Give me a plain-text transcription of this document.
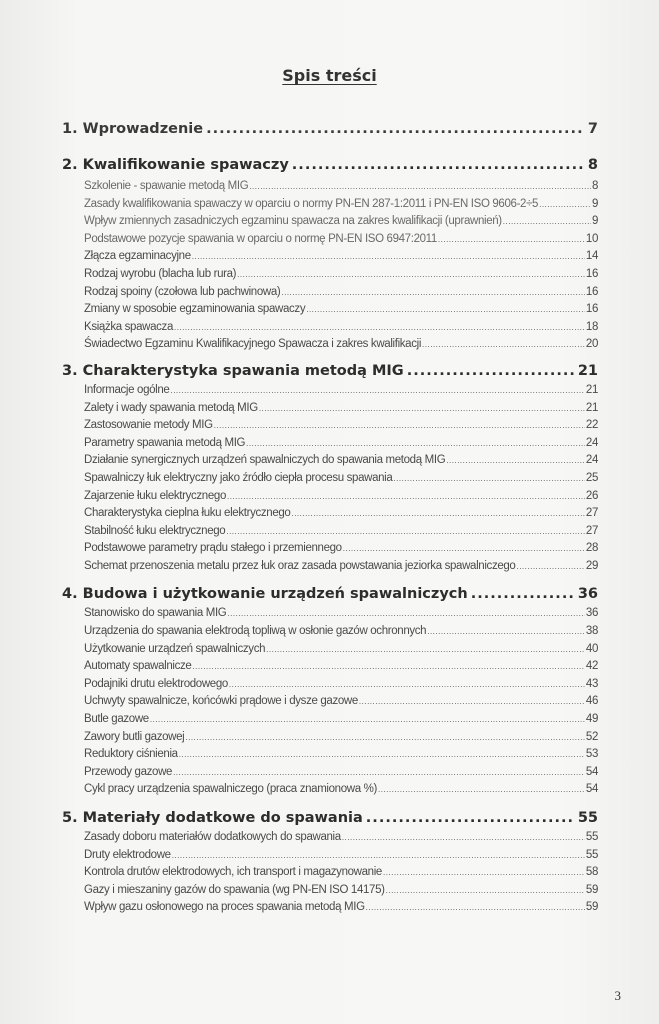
Spis treści
1. Wprowadzenie .....	7
2. Kwalifikowanie spawaczy .....	8
Szkolenie - spawanie metodą MIG .....	8
Zasady kwalifikowania spawaczy w oparciu o normy PN-EN 287-1:2011 i PN-EN ISO 9606-2÷5 .....	9
Wpływ zmiennych zasadniczych egzaminu spawacza na zakres kwalifikacji (uprawnień) .....	9
Podstawowe pozycje spawania w oparciu o normę PN-EN ISO 6947:2011 .....	10
Złącza egzaminacyjne .....	14
Rodzaj wyrobu (blacha lub rura) .....	16
Rodzaj spoiny (czołowa lub pachwinowa) .....	16
Zmiany w sposobie egzaminowania spawaczy .....	16
Książka spawacza .....	18
Świadectwo Egzaminu Kwalifikacyjnego Spawacza i zakres kwalifikacji .....	20
3. Charakterystyka spawania metodą MIG .....	21
Informacje ogólne .....	21
Zalety i wady spawania metodą MIG .....	21
Zastosowanie metody MIG .....	22
Parametry spawania metodą MIG .....	24
Działanie synergicznych urządzeń spawalniczych do spawania metodą MIG .....	24
Spawalniczy łuk elektryczny jako źródło ciepła procesu spawania .....	25
Zajarzenie łuku elektrycznego .....	26
Charakterystyka cieplna łuku elektrycznego .....	27
Stabilność łuku elektrycznego .....	27
Podstawowe parametry prądu stałego i przemiennego .....	28
Schemat przenoszenia metalu przez łuk oraz zasada powstawania jeziorka spawalniczego .....	29
4. Budowa i użytkowanie urządzeń spawalniczych .....	36
Stanowisko do spawania MIG .....	36
Urządzenia do spawania elektrodą topliwą w osłonie gazów ochronnych .....	38
Użytkowanie urządzeń spawalniczych .....	40
Automaty spawalnicze .....	42
Podajniki drutu elektrodowego .....	43
Uchwyty spawalnicze, końcówki prądowe i dysze gazowe .....	46
Butle gazowe .....	49
Zawory butli gazowej .....	52
Reduktory ciśnienia .....	53
Przewody gazowe .....	54
Cykl pracy urządzenia spawalniczego (praca znamionowa %) .....	54
5. Materiały dodatkowe do spawania .....	55
Zasady doboru materiałów dodatkowych do spawania .....	55
Druty elektrodowe .....	55
Kontrola drutów elektrodowych, ich transport i magazynowanie .....	58
Gazy i mieszaniny gazów do spawania (wg PN-EN ISO 14175) .....	59
Wpływ gazu osłonowego na proces spawania metodą MIG .....	59
3
